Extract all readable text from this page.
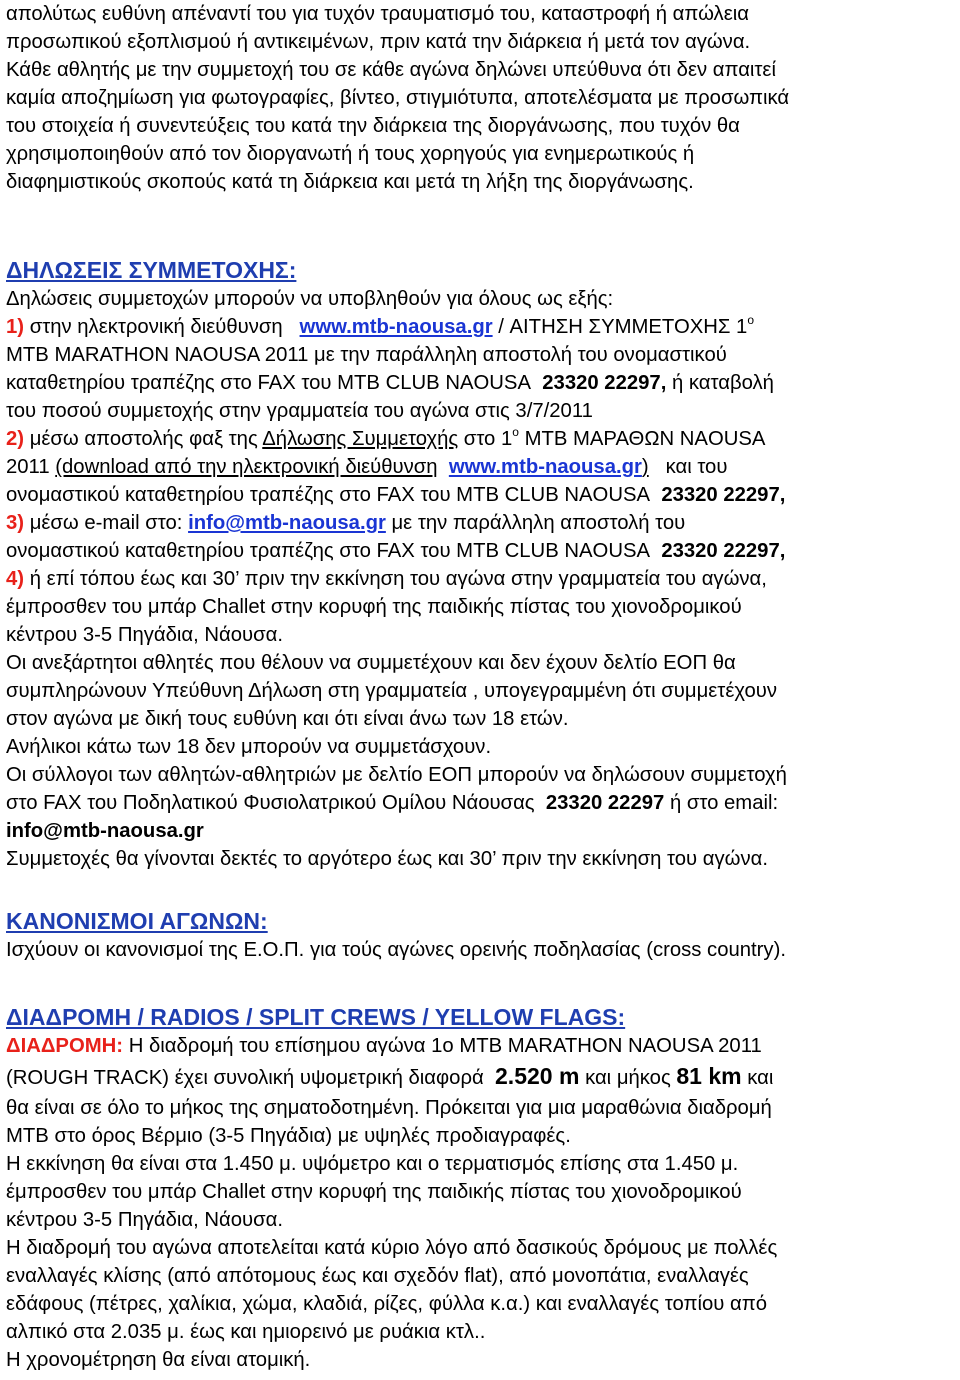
απολύτως ευθύνη απέναντί του για τυχόν τραυματισμό του, καταστροφή ή απώλεια

προσωπικού εξοπλισμού ή αντικειμένων, πριν κατά την διάρκεια ή μετά τον αγώνα.

Κάθε αθλητής με την συμμετοχή του σε κάθε αγώνα δηλώνει υπεύθυνα ότι δεν απαιτεί

καμία αποζημίωση για φωτογραφίες, βίντεο, στιγμιότυπα, αποτελέσματα με προσωπικά

του στοιχεία ή συνεντεύξεις του κατά την διάρκεια της διοργάνωσης, που τυχόν θα

χρησιμοποιηθούν από τον διοργανωτή ή τους χορηγούς για ενημερωτικούς ή

διαφημιστικούς σκοπούς κατά τη διάρκεια και μετά τη λήξη της διοργάνωσης.

ΔΗΛΩΣΕΙΣ ΣΥΜΜΕΤΟΧΗΣ:

Δηλώσεις συμμετοχών μπορούν να υποβληθούν για όλους ως εξής:

1) στην ηλεκτρονική διεύθυνση www.mtb-naousa.gr / ΑΙΤΗΣΗ ΣΥΜΜΕΤΟΧΗΣ 1$^o$

MTB MARATHON NAOUSA 2011 με την παράλληλη αποστολή του ονομαστικού

καταθετηρίου τραπέζης στο FAX του MTB CLUB NAOUSA 23320 22297, ή καταβολή

του ποσού συμμετοχής στην γραμματεία του αγώνα στις 3/7/2011

2) μέσω αποστολής φαξ της Δήλωσης Συμμετοχής στο $1^o$ MTB ΜΑΡΑΘΩΝ NAOUSA

2011 (download από την ηλεκτρονική διεύθυνση www.mtb-naousa.gr) και του

ονομαστικού καταθετηρίου τραπέζης στο FAX του MTB CLUB NAOUSA 23320 22297,

3) μέσω e-mail στο: info@mtb-naousa.gr με την παράλληλη αποστολή του

ονομαστικού καταθετηρίου τραπέζης στο FAX του MTB CLUB NAOUSA 23320 22297,

4) ή επί τόπου έως και 30’ πριν την εκκίνηση του αγώνα στην γραμματεία του αγώνα,

έμπροσθεν του μπάρ Challet στην κορυφή της παιδικής πίστας του χιονοδρομικού

κέντρου 3-5 Πηγάδια, Νάουσα.

Οι ανεξάρτητοι αθλητές που θέλουν να συμμετέχουν και δεν έχουν δελτίο ΕΟΠ θα

συμπληρώνουν Υπεύθυνη Δήλωση στη γραμματεία , υπογεγραμμένη ότι συμμετέχουν

στον αγώνα με δική τους ευθύνη και ότι είναι άνω των 18 ετών.

Ανήλικοι κάτω των 18 δεν μπορούν να συμμετάσχουν.

Οι σύλλογοι των αθλητών-αθλητριών με δελτίο ΕΟΠ μπορούν να δηλώσουν συμμετοχή

στο FAX του Ποδηλατικού Φυσιολατρικού Ομίλου Νάουσας 23320 22297 ή στο email:

info@mtb-naousa.gr

Συμμετοχές θα γίνονται δεκτές το αργότερο έως και 30’ πριν την εκκίνηση του αγώνα.

ΚΑΝΟΝΙΣΜΟΙ ΑΓΩΝΩΝ:

Ισχύουν οι κανονισμοί της Ε.Ο.Π. για τούς αγώνες ορεινής ποδηλασίας (cross country).

ΔΙΑΔΡΟΜΗ / RADIOS / SPLIT CREWS / YELLOW FLAGS:

ΔΙΑΔΡΟΜΗ: Η διαδρομή του επίσημου αγώνα 1ο MTB MARATHON NAOUSA 2011

(ROUGH TRACK) έχει συνολική υψομετρική διαφορά 2.520 m και μήκος 81 km και

θα είναι σε όλο το μήκος της σηματοδοτημένη. Πρόκειται για μια μαραθώνια διαδρομή

MTB στο όρος Βέρμιο (3-5 Πηγάδια) με υψηλές προδιαγραφές.

Η εκκίνηση θα είναι στα 1.450 μ. υψόμετρο και ο τερματισμός επίσης στα 1.450 μ.

έμπροσθεν του μπάρ Challet στην κορυφή της παιδικής πίστας του χιονοδρομικού

κέντρου 3-5 Πηγάδια, Νάουσα.

Η διαδρομή του αγώνα αποτελείται κατά κύριο λόγο από δασικούς δρόμους με πολλές

εναλλαγές κλίσης (από απότομους έως και σχεδόν flat), από μονοπάτια, εναλλαγές

εδάφους (πέτρες, χαλίκια, χώμα, κλαδιά, ρίζες, φύλλα κ.α.) και εναλλαγές τοπίου από

αλπικό στα 2.035 μ. έως και ημιορεινό με ρυάκια κτλ..

Η χρονομέτρηση θα είναι ατομική.
